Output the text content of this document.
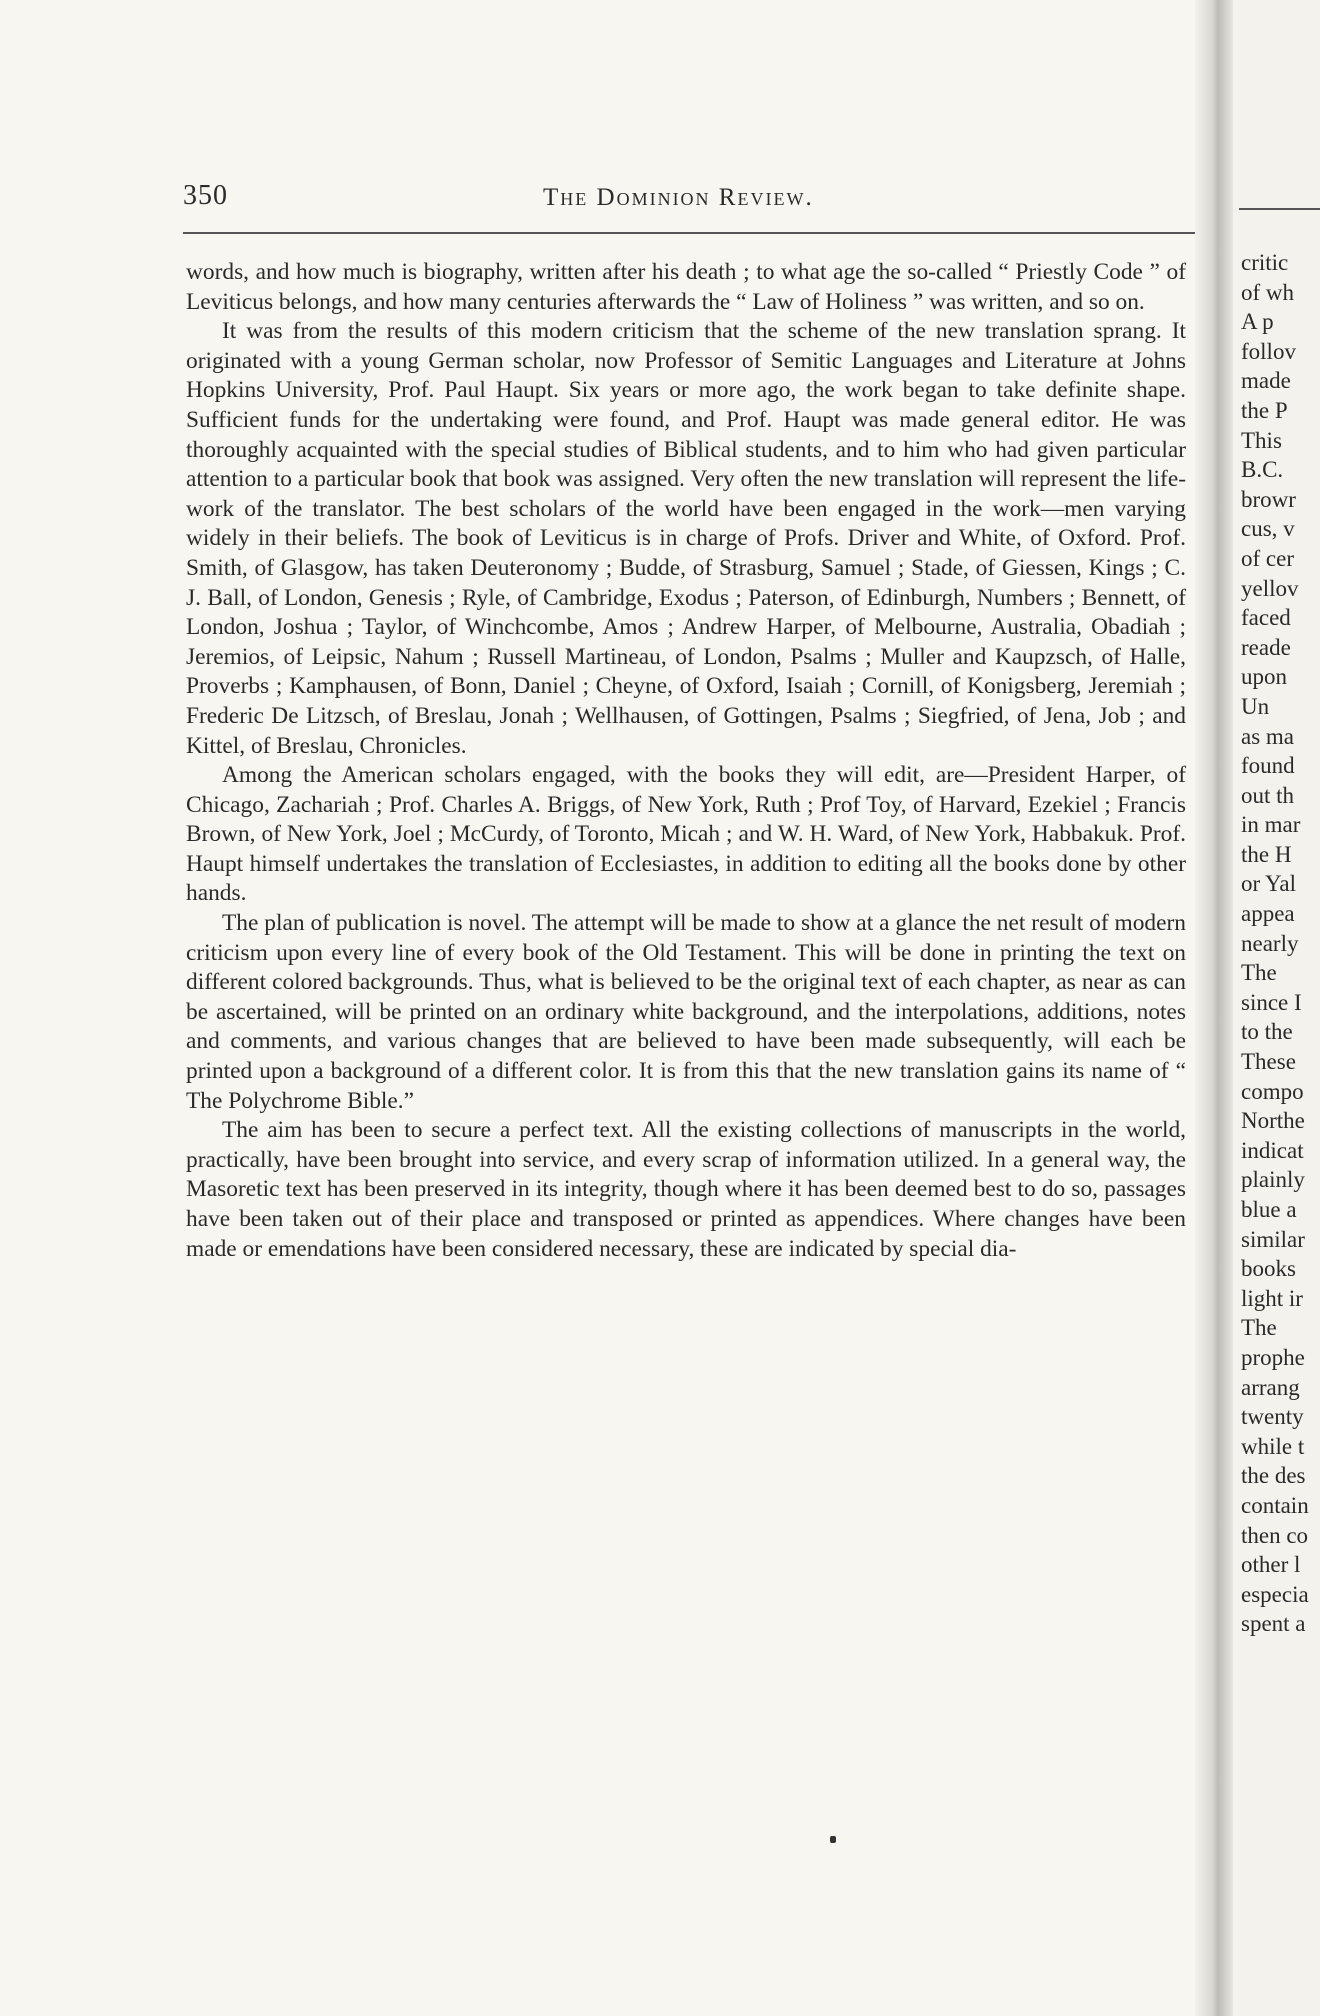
350	The Dominion Review.

words, and how much is biography, written after his death ; to what age the so-called “ Priestly Code ” of Leviticus belongs, and how many centuries afterwards the “ Law of Holiness ” was written, and so on.

It was from the results of this modern criticism that the scheme of the new translation sprang. It originated with a young German scholar, now Professor of Semitic Languages and Literature at Johns Hopkins University, Prof. Paul Haupt. Six years or more ago, the work began to take definite shape. Sufficient funds for the undertaking were found, and Prof. Haupt was made general editor. He was thoroughly acquainted with the special studies of Biblical students, and to him who had given particular attention to a particular book that book was assigned. Very often the new translation will represent the life-work of the translator. The best scholars of the world have been engaged in the work—men varying widely in their beliefs. The book of Leviticus is in charge of Profs. Driver and White, of Oxford. Prof. Smith, of Glasgow, has taken Deuteronomy ; Budde, of Strasburg, Samuel ; Stade, of Giessen, Kings ; C. J. Ball, of London, Genesis ; Ryle, of Cambridge, Exodus ; Paterson, of Edinburgh, Numbers ; Bennett, of London, Joshua ; Taylor, of Winchcombe, Amos ; Andrew Harper, of Melbourne, Australia, Obadiah ; Jeremios, of Leipsic, Nahum ; Russell Martineau, of London, Psalms ; Muller and Kaupzsch, of Halle, Proverbs ; Kamphausen, of Bonn, Daniel ; Cheyne, of Oxford, Isaiah ; Cornill, of Konigsberg, Jeremiah ; Frederic De Litzsch, of Breslau, Jonah ; Wellhausen, of Gottingen, Psalms ; Siegfried, of Jena, Job ; and Kittel, of Breslau, Chronicles.

Among the American scholars engaged, with the books they will edit, are—President Harper, of Chicago, Zachariah ; Prof. Charles A. Briggs, of New York, Ruth ; Prof Toy, of Harvard, Ezekiel ; Francis Brown, of New York, Joel ; McCurdy, of Toronto, Micah ; and W. H. Ward, of New York, Habbakuk. Prof. Haupt himself undertakes the translation of Ecclesiastes, in addition to editing all the books done by other hands.

The plan of publication is novel. The attempt will be made to show at a glance the net result of modern criticism upon every line of every book of the Old Testament. This will be done in printing the text on different colored backgrounds. Thus, what is believed to be the original text of each chapter, as near as can be ascertained, will be printed on an ordinary white background, and the interpolations, additions, notes and comments, and various changes that are believed to have been made subsequently, will each be printed upon a background of a different color. It is from this that the new translation gains its name of “ The Polychrome Bible.”

The aim has been to secure a perfect text. All the existing collections of manuscripts in the world, practically, have been brought into service, and every scrap of information utilized. In a general way, the Masoretic text has been preserved in its integrity, though where it has been deemed best to do so, passages have been taken out of their place and transposed or printed as appendices. Where changes have been made or emendations have been considered necessary, these are indicated by special dia-

critic
of wh
A p
follov
made
the P
This
B.C.
browr
cus, v
of cer
yellov
faced
reade
upon
Un
as ma
found
out th
in mar
the H
or Yal
appea
nearly
The
since I
to the
These
compo
Northe
indicat
plainly
blue a
similar
books
light ir
The
prophe
arrang
twenty
while t
the des
contain
then co
other l
especia
spent a
